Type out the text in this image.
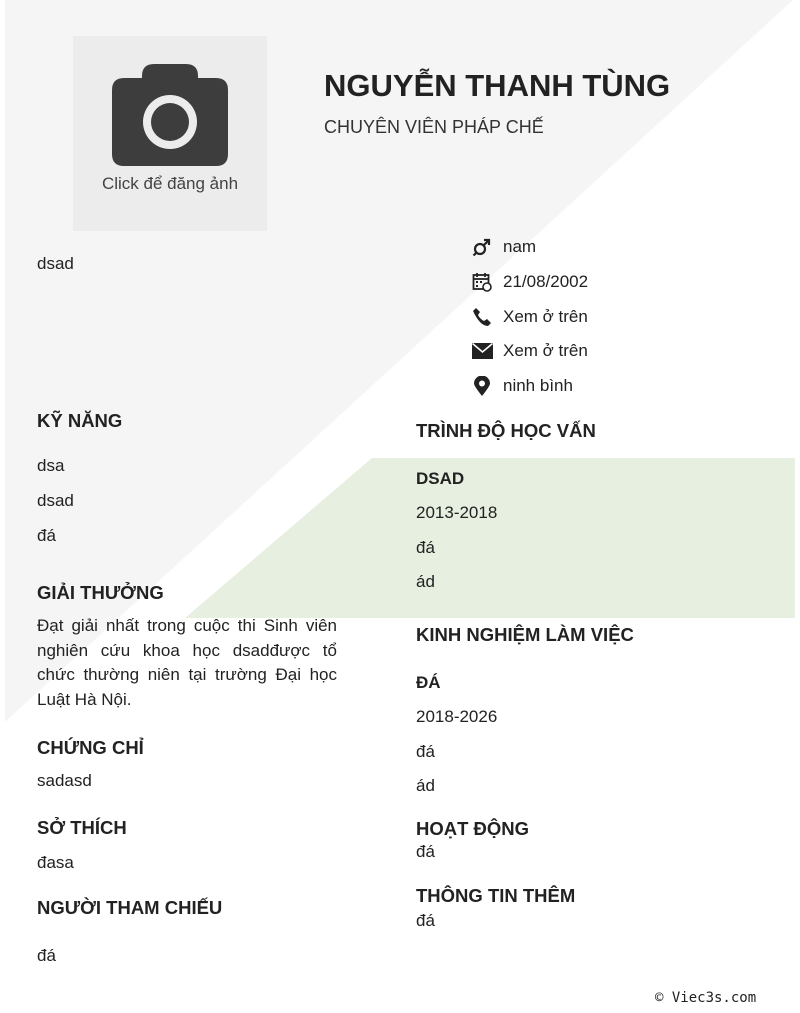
Click để đăng ảnh
NGUYỄN THANH TÙNG
CHUYÊN VIÊN PHÁP CHẾ
dsad
nam
21/08/2002
Xem ở trên
Xem ở trên
ninh bình
KỸ NĂNG
dsa
dsad
đá
GIẢI THƯỞNG

Đạt giải nhất trong cuộc thi Sinh viên nghiên cứu khoa học dsadđược tổ chức thường niên tại trường Đại học Luật Hà Nội.

CHỨNG CHỈ
sadasd
SỞ THÍCH
đasa
NGƯỜI THAM CHIẾU
đá
TRÌNH ĐỘ HỌC VẤN
DSAD
2013-2018
đá
ád
KINH NGHIỆM LÀM VIỆC
ĐÁ
2018-2026
đá
ád
HOẠT ĐỘNG
đá
THÔNG TIN THÊM
đá
© Viec3s.com
